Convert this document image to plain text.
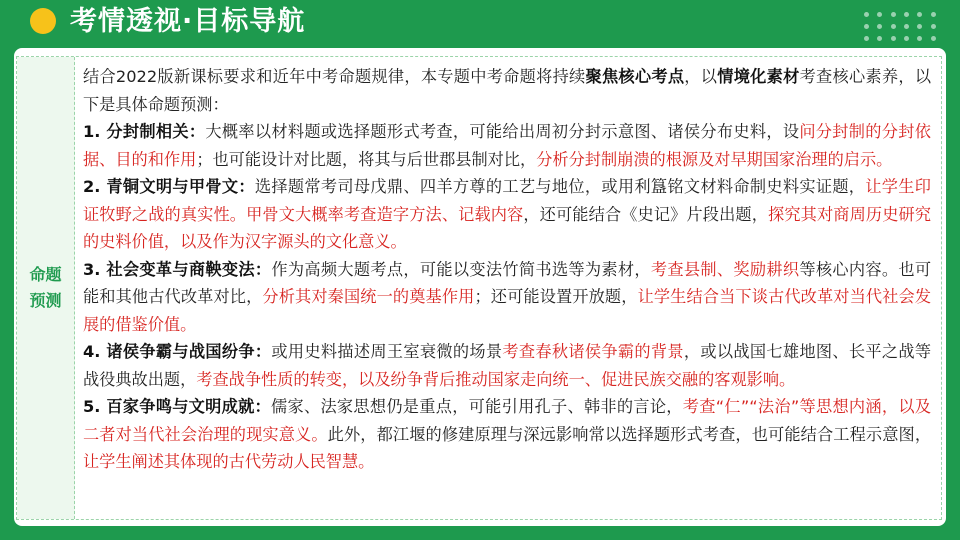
考情透视·目标导航
命题预测

结合2022版新课标要求和近年中考命题规律，本专题中考命题将持续聚焦核心考点，以情境化素材考查核心素养，以下是具体命题预测：

1. 分封制相关：大概率以材料题或选择题形式考查，可能给出周初分封示意图、诸侯分布史料，设问分封制的分封依据、目的和作用；也可能设计对比题，将其与后世郡县制对比，分析分封制崩溃的根源及对早期国家治理的启示。

2. 青铜文明与甲骨文：选择题常考司母戊鼎、四羊方尊的工艺与地位，或用利簋铭文材料命制史料实证题，让学生印证牧野之战的真实性。甲骨文大概率考查造字方法、记载内容，还可能结合《史记》片段出题，探究其对商周历史研究的史料价值，以及作为汉字源头的文化意义。

3. 社会变革与商鞅变法：作为高频大题考点，可能以变法竹简书选等为素材，考查县制、奖励耕织等核心内容。也可能和其他古代改革对比，分析其对秦国统一的奠基作用；还可能设置开放题，让学生结合当下谈古代改革对当代社会发展的借鉴价值。

4. 诸侯争霸与战国纷争：或用史料描述周王室衰微的场景考查春秋诸侯争霸的背景，或以战国七雄地图、长平之战等战役典故出题，考查战争性质的转变，以及纷争背后推动国家走向统一、促进民族交融的客观影响。

5. 百家争鸣与文明成就：儒家、法家思想仍是重点，可能引用孔子、韩非的言论，考查“仁”“法治”等思想内涵，以及二者对当代社会治理的现实意义。此外，都江堰的修建原理与深远影响常以选择题形式考查，也可能结合工程示意图，让学生阐述其体现的古代劳动人民智慧。
